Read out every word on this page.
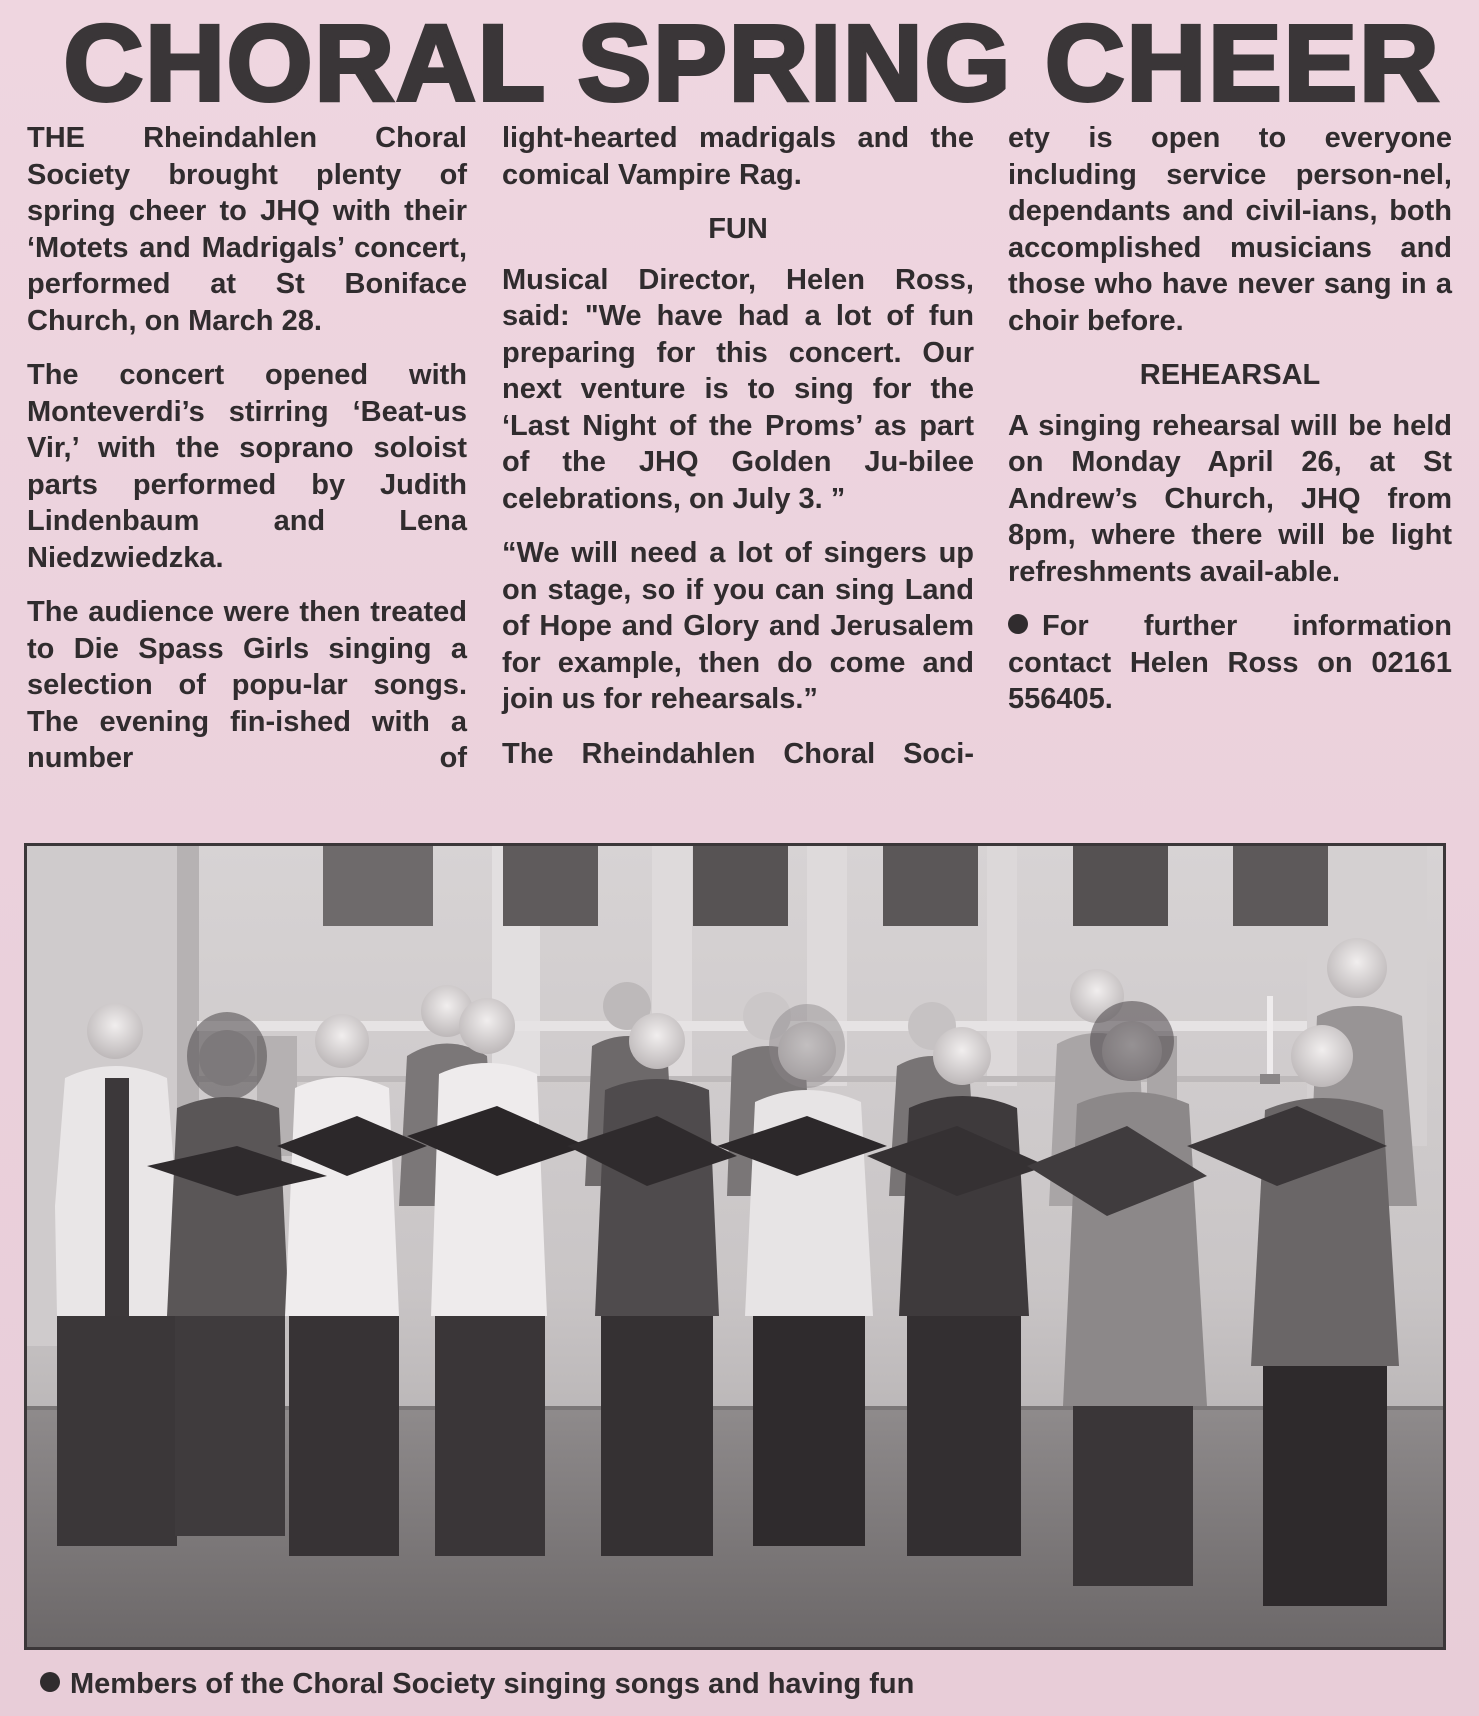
CHORAL SPRING CHEER

THE Rheindahlen Choral Society brought plenty of spring cheer to JHQ with their ‘Motets and Madrigals’ concert, performed at St Boniface Church, on March 28.

The concert opened with Monteverdi’s stirring ‘Beat-us Vir,’ with the soprano soloist parts performed by Judith Lindenbaum and Lena Niedzwiedzka.

The audience were then treated to Die Spass Girls singing a selection of popu-lar songs. The evening fin-ished with a number of

light-hearted madrigals and the comical Vampire Rag.

FUN

Musical Director, Helen Ross, said: "We have had a lot of fun preparing for this concert. Our next venture is to sing for the ‘Last Night of the Proms’ as part of the JHQ Golden Ju-bilee celebrations, on July 3. ”

“We will need a lot of singers up on stage, so if you can sing Land of Hope and Glory and Jerusalem for example, then do come and join us for rehearsals.”

The Rheindahlen Choral Soci-

ety is open to everyone including service person-nel, dependants and civil-ians, both accomplished musicians and those who have never sang in a choir before.

REHEARSAL

A singing rehearsal will be held on Monday April 26, at St Andrew’s Church, JHQ from 8pm, where there will be light refreshments avail-able.

For further information contact Helen Ross on 02161 556405.

Members of the Choral Society singing songs and having fun
